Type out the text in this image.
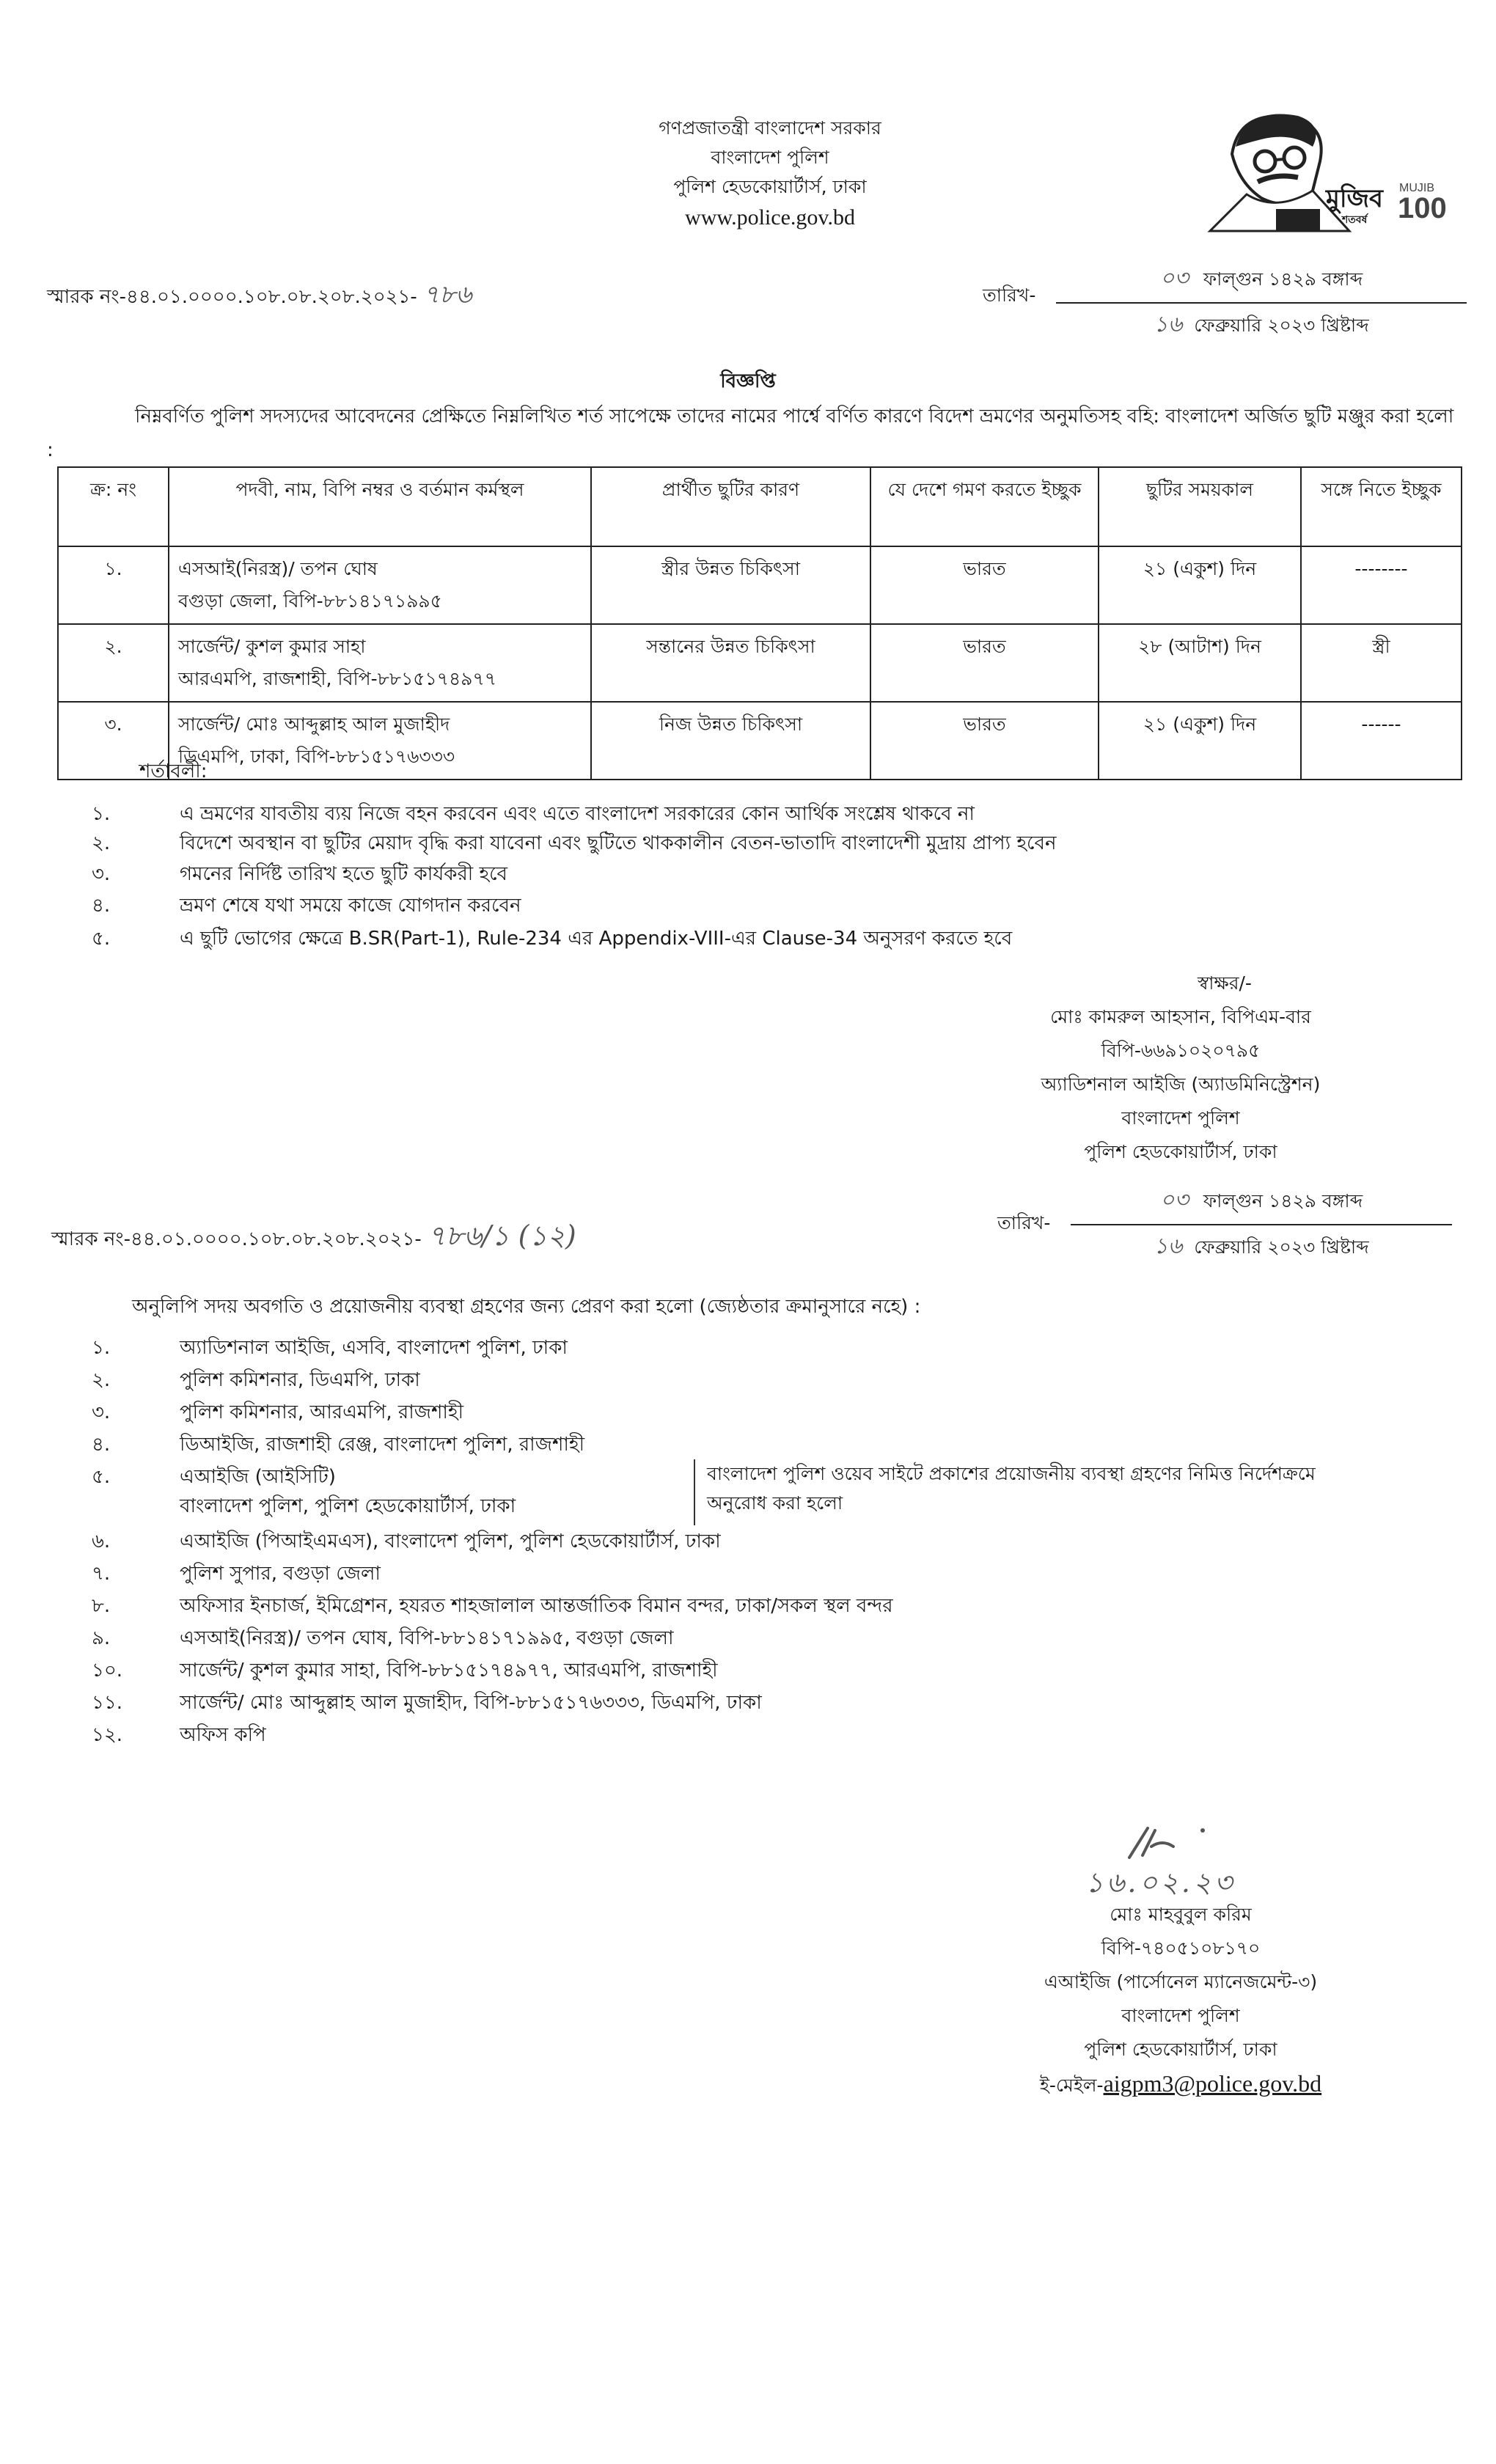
গণপ্রজাতন্ত্রী বাংলাদেশ সরকার
বাংলাদেশ পুলিশ
পুলিশ হেডকোয়ার্টার্স, ঢাকা
www.police.gov.bd
মুজিব
শতবর্ষ
MUJIB
100
স্মারক নং-৪৪.০১.০০০০.১০৮.০৮.২০৮.২০২১- ৭৮৬	তারিখ-
০৩ ফাল্গুন ১৪২৯ বঙ্গাব্দ
১৬ ফেব্রুয়ারি ২০২৩ খ্রিষ্টাব্দ
বিজ্ঞপ্তি
নিম্নবর্ণিত পুলিশ সদস্যদের আবেদনের প্রেক্ষিতে নিম্নলিখিত শর্ত সাপেক্ষে তাদের নামের পার্শ্বে বর্ণিত কারণে বিদেশ ভ্রমণের অনুমতিসহ বহি: বাংলাদেশ অর্জিত ছুটি মঞ্জুর করা হলো :
ক্র: নং	পদবী, নাম, বিপি নম্বর ও বর্তমান কর্মস্থল	প্রার্থীত ছুটির কারণ	যে দেশে গমণ করতে ইচ্ছুক	ছুটির সময়কাল	সঙ্গে নিতে ইচ্ছুক
১.	এসআই(নিরস্ত্র)/ তপন ঘোষ
বগুড়া জেলা, বিপি-৮৮১৪১৭১৯৯৫	স্ত্রীর উন্নত চিকিৎসা	ভারত	২১ (একুশ) দিন	--------
২.	সার্জেন্ট/ কুশল কুমার সাহা
আরএমপি, রাজশাহী, বিপি-৮৮১৫১৭৪৯৭৭	সন্তানের উন্নত চিকিৎসা	ভারত	২৮ (আটাশ) দিন	স্ত্রী
৩.	সার্জেন্ট/ মোঃ আব্দুল্লাহ আল মুজাহীদ
ডিএমপি, ঢাকা, বিপি-৮৮১৫১৭৬৩৩৩	নিজ উন্নত চিকিৎসা	ভারত	২১ (একুশ) দিন	------
শর্তাবলী:
১.	এ ভ্রমণের যাবতীয় ব্যয় নিজে বহন করবেন এবং এতে বাংলাদেশ সরকারের কোন আর্থিক সংশ্লেষ থাকবে না
২.	বিদেশে অবস্থান বা ছুটির মেয়াদ বৃদ্ধি করা যাবেনা এবং ছুটিতে থাককালীন বেতন-ভাতাদি বাংলাদেশী মুদ্রায় প্রাপ্য হবেন
৩.	গমনের নির্দিষ্ট তারিখ হতে ছুটি কার্যকরী হবে
৪.	ভ্রমণ শেষে যথা সময়ে কাজে যোগদান করবেন
৫.	এ ছুটি ভোগের ক্ষেত্রে B.SR(Part-1), Rule-234 এর Appendix-VIII-এর Clause-34 অনুসরণ করতে হবে
স্বাক্ষর/-
মোঃ কামরুল আহসান, বিপিএম-বার
বিপি-৬৬৯১০২০৭৯৫
অ্যাডিশনাল আইজি (অ্যাডমিনিস্ট্রেশন)
বাংলাদেশ পুলিশ
পুলিশ হেডকোয়ার্টার্স, ঢাকা
স্মারক নং-৪৪.০১.০০০০.১০৮.০৮.২০৮.২০২১- ৭৮৬/১ (১২)	তারিখ-
০৩ ফাল্গুন ১৪২৯ বঙ্গাব্দ
১৬ ফেব্রুয়ারি ২০২৩ খ্রিষ্টাব্দ
অনুলিপি সদয় অবগতি ও প্রয়োজনীয় ব্যবস্থা গ্রহণের জন্য প্রেরণ করা হলো (জ্যেষ্ঠতার ক্রমানুসারে নহে) :
১.	অ্যাডিশনাল আইজি, এসবি, বাংলাদেশ পুলিশ, ঢাকা
২.	পুলিশ কমিশনার, ডিএমপি, ঢাকা
৩.	পুলিশ কমিশনার, আরএমপি, রাজশাহী
৪.	ডিআইজি, রাজশাহী রেঞ্জ, বাংলাদেশ পুলিশ, রাজশাহী
৫.	এআইজি (আইসিটি)
বাংলাদেশ পুলিশ, পুলিশ হেডকোয়ার্টার্স, ঢাকা
বাংলাদেশ পুলিশ ওয়েব সাইটে প্রকাশের প্রয়োজনীয় ব্যবস্থা গ্রহণের নিমিত্ত নির্দেশক্রমে অনুরোধ করা হলো
৬.	এআইজি (পিআইএমএস), বাংলাদেশ পুলিশ, পুলিশ হেডকোয়ার্টার্স, ঢাকা
৭.	পুলিশ সুপার, বগুড়া জেলা
৮.	অফিসার ইনচার্জ, ইমিগ্রেশন, হযরত শাহজালাল আন্তর্জাতিক বিমান বন্দর, ঢাকা/সকল স্থল বন্দর
৯.	এসআই(নিরস্ত্র)/ তপন ঘোষ, বিপি-৮৮১৪১৭১৯৯৫, বগুড়া জেলা
১০.	সার্জেন্ট/ কুশল কুমার সাহা, বিপি-৮৮১৫১৭৪৯৭৭, আরএমপি, রাজশাহী
১১.	সার্জেন্ট/ মোঃ আব্দুল্লাহ আল মুজাহীদ, বিপি-৮৮১৫১৭৬৩৩৩, ডিএমপি, ঢাকা
১২.	অফিস কপি
১৬.০২.২৩
মোঃ মাহবুবুল করিম
বিপি-৭৪০৫১০৮১৭০
এআইজি (পার্সোনেল ম্যানেজমেন্ট-৩)
বাংলাদেশ পুলিশ
পুলিশ হেডকোয়ার্টার্স, ঢাকা
ই-মেইল-aigpm3@police.gov.bd
